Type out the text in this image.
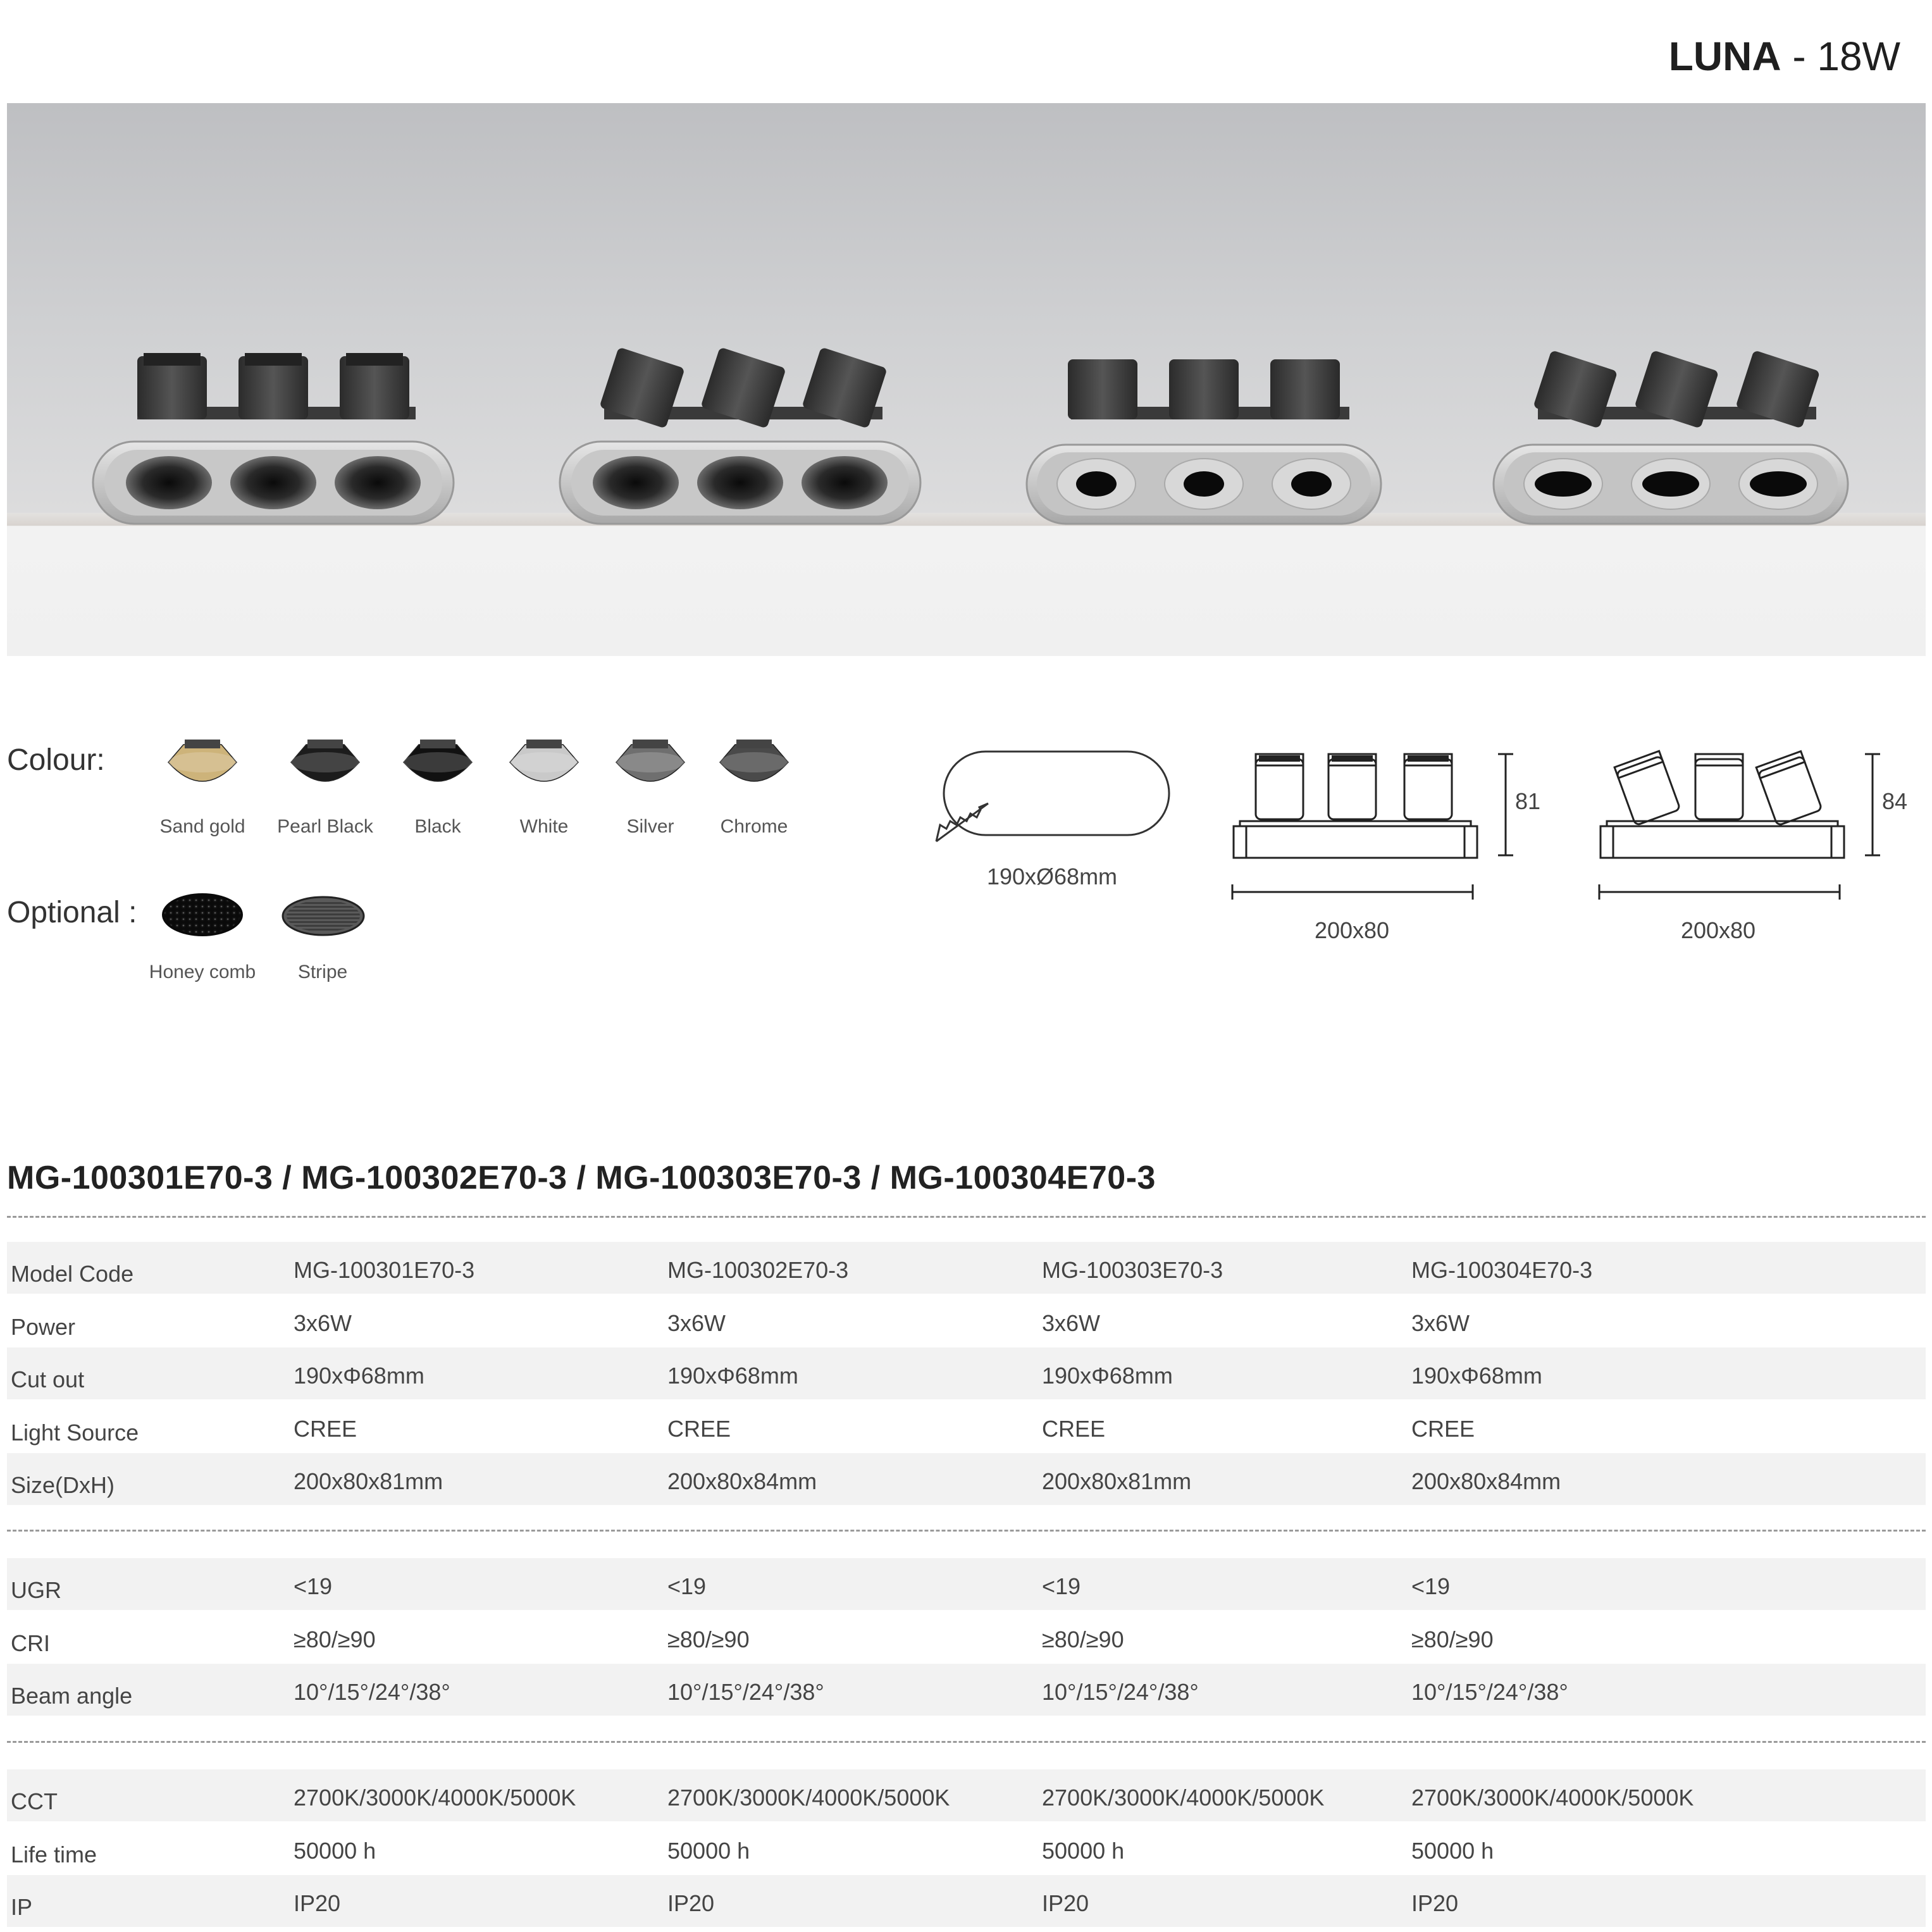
LUNA - 18W
Colour:
Sand gold	Pearl Black	Black	White	Silver	Chrome
Optional :
Honey comb	Stripe
190xØ68mm
81
200x80
84
200x80
MG-100301E70-3 / MG-100302E70-3 / MG-100303E70-3 / MG-100304E70-3
Model Code	MG-100301E70-3	MG-100302E70-3	MG-100303E70-3	MG-100304E70-3
Power	3x6W	3x6W	3x6W	3x6W
Cut out	190xΦ68mm	190xΦ68mm	190xΦ68mm	190xΦ68mm
Light Source	CREE	CREE	CREE	CREE
Size(DxH)	200x80x81mm	200x80x84mm	200x80x81mm	200x80x84mm
UGR	<19	<19	<19	<19
CRI	≥80/≥90	≥80/≥90	≥80/≥90	≥80/≥90
Beam angle	10°/15°/24°/38°	10°/15°/24°/38°	10°/15°/24°/38°	10°/15°/24°/38°
CCT	2700K/3000K/4000K/5000K	2700K/3000K/4000K/5000K	2700K/3000K/4000K/5000K	2700K/3000K/4000K/5000K
Life time	50000 h	50000 h	50000 h	50000 h
IP	IP20	IP20	IP20	IP20
